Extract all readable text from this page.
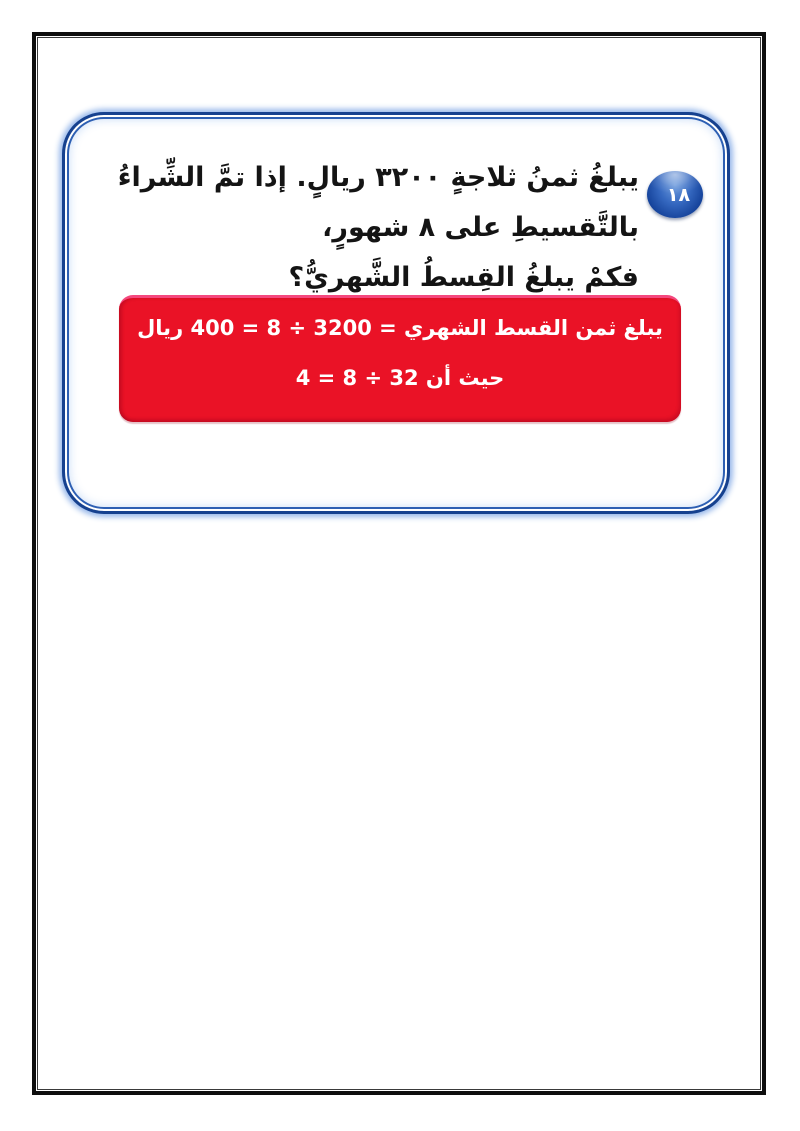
١٨
يبلغُ ثمنُ ثلاجةٍ ٣٢٠٠ ريالٍ. إذا تمَّ الشِّراءُ بالتَّقسيطِ على ٨ شهورٍ،
فكمْ يبلغُ القِسطُ الشَّهريُّ؟
يبلغ ثمن القسط الشهري = 3200 ÷ 8 = 400 ريال
حيث أن 32 ÷ 8 = 4
